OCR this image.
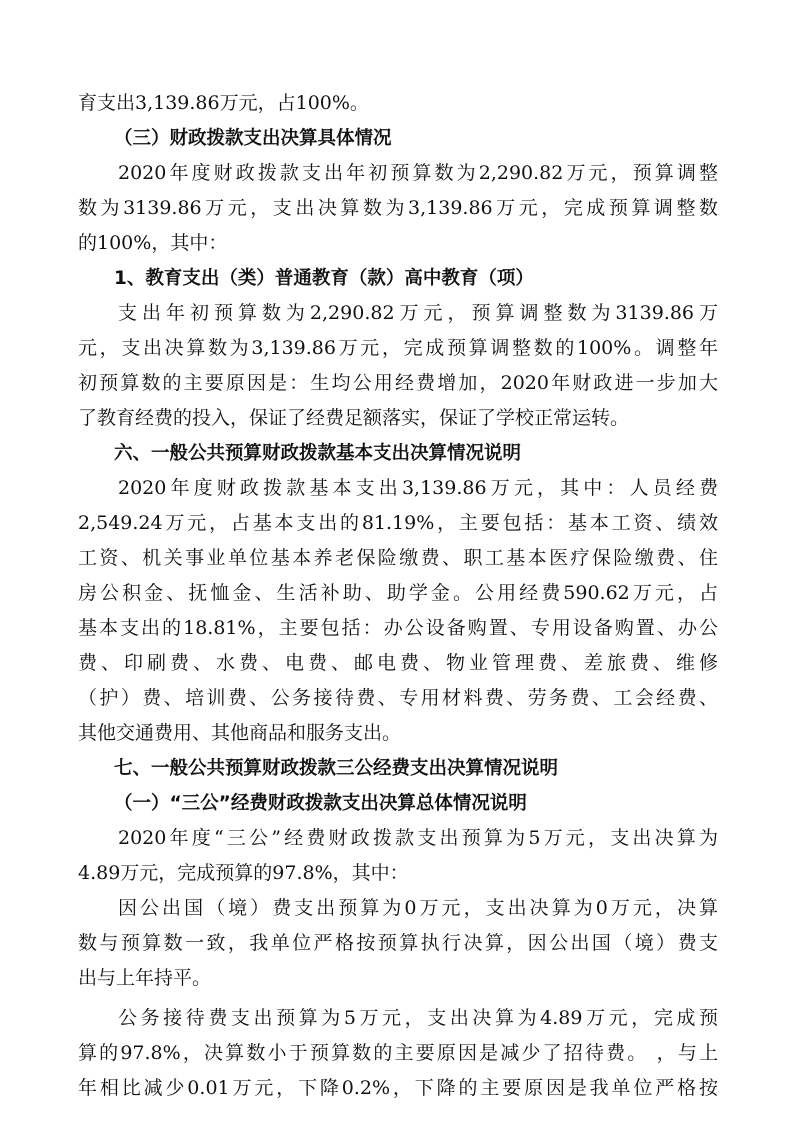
育支出3,139.86万元，占100%。
（三）财政拨款支出决算具体情况
2020年度财政拨款支出年初预算数为2,290.82万元，预算调整
数为3139.86万元，支出决算数为3,139.86万元，完成预算调整数
的100%，其中：
1、教育支出（类）普通教育（款）高中教育（项）
支出年初预算数为2,290.82万元，预算调整数为3139.86万
元，支出决算数为3,139.86万元，完成预算调整数的100%。调整年
初预算数的主要原因是：生均公用经费增加，2020年财政进一步加大
了教育经费的投入，保证了经费足额落实，保证了学校正常运转。
六、一般公共预算财政拨款基本支出决算情况说明
2020年度财政拨款基本支出3,139.86万元，其中：人员经费
2,549.24万元，占基本支出的81.19%，主要包括：基本工资、绩效
工资、机关事业单位基本养老保险缴费、职工基本医疗保险缴费、住
房公积金、抚恤金、生活补助、助学金。公用经费590.62万元，占
基本支出的18.81%，主要包括：办公设备购置、专用设备购置、办公
费、印刷费、水费、电费、邮电费、物业管理费、差旅费、维修
（护）费、培训费、公务接待费、专用材料费、劳务费、工会经费、
其他交通费用、其他商品和服务支出。
七、一般公共预算财政拨款三公经费支出决算情况说明
（一）“三公”经费财政拨款支出决算总体情况说明
2020年度“三公”经费财政拨款支出预算为5万元，支出决算为
4.89万元，完成预算的97.8%，其中：
因公出国（境）费支出预算为0万元，支出决算为0万元，决算
数与预算数一致，我单位严格按预算执行决算，因公出国（境）费支
出与上年持平。
公务接待费支出预算为5万元，支出决算为4.89万元，完成预
算的97.8%，决算数小于预算数的主要原因是减少了招待费。 ，与上
年相比减少0.01万元，下降0.2%，下降的主要原因是我单位严格按
